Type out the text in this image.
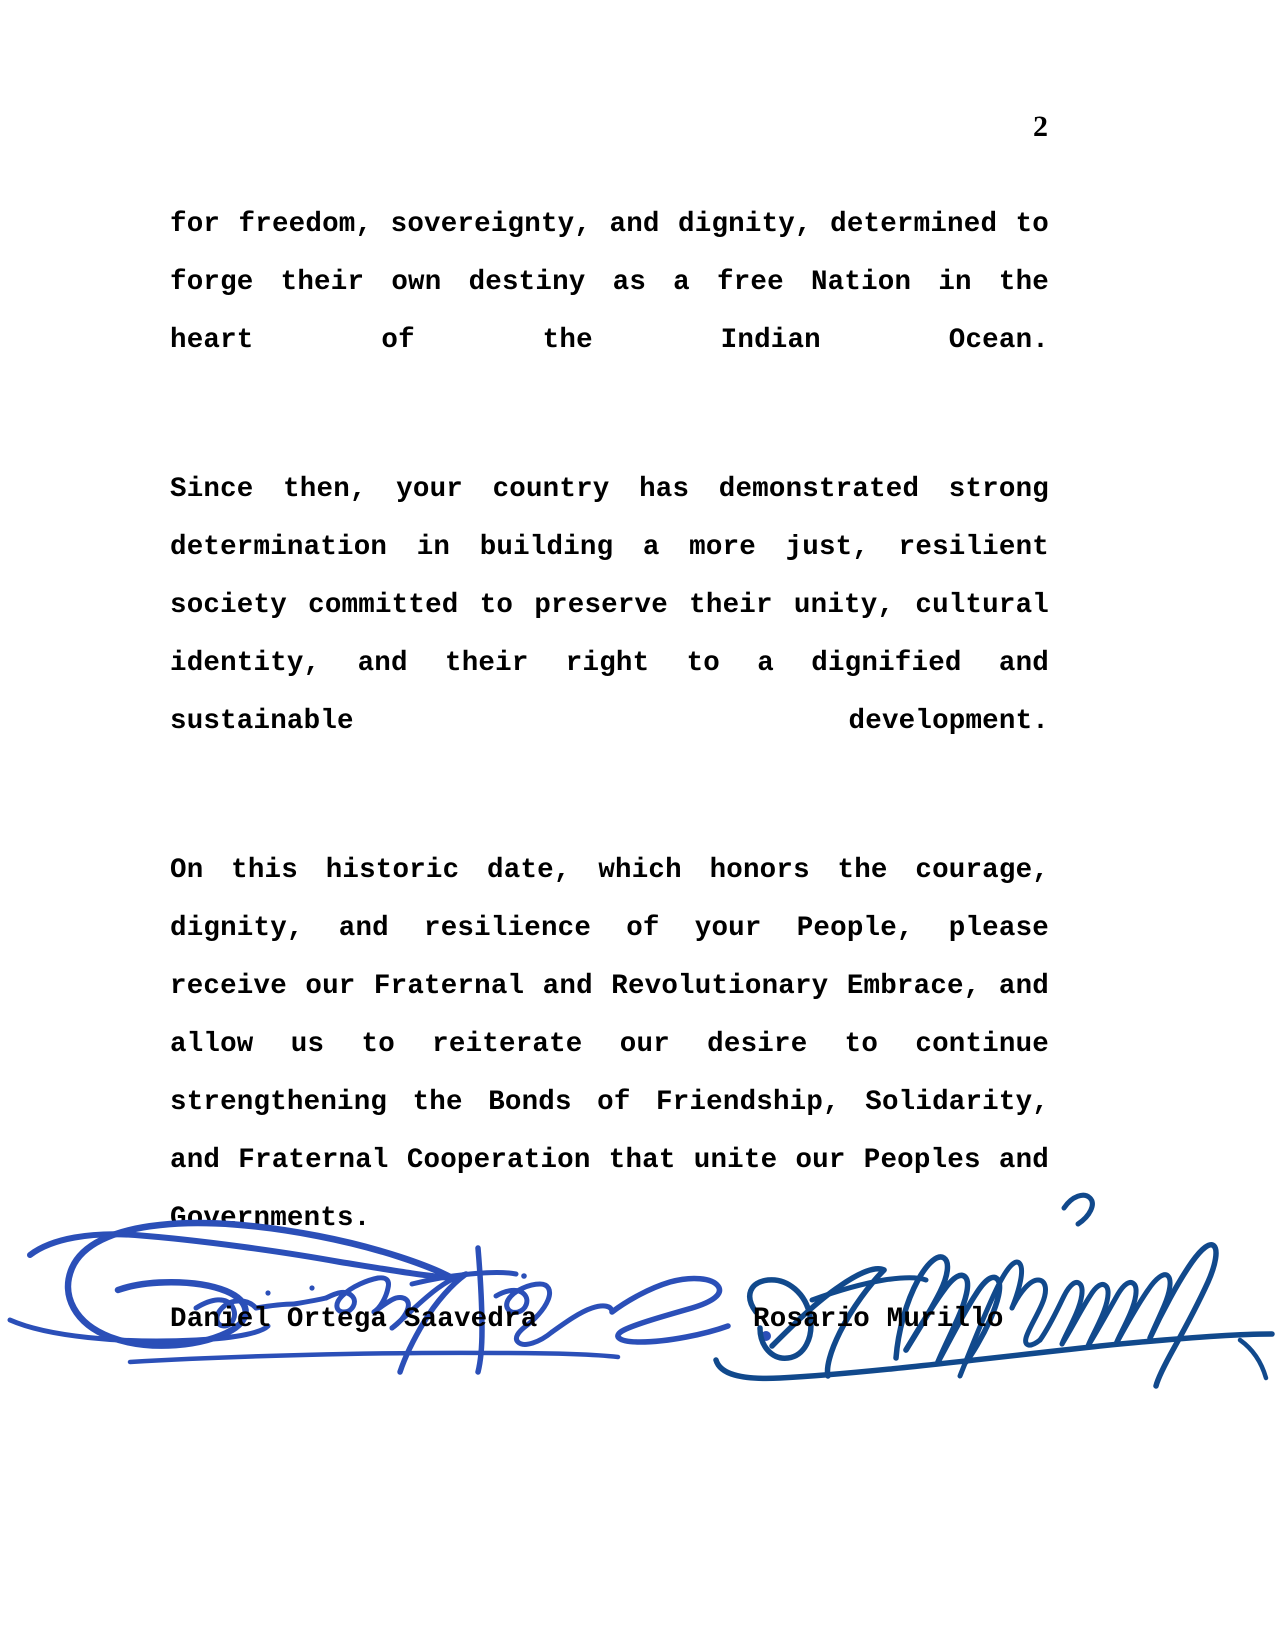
2

for freedom, sovereignty, and dignity, determined to forge their own destiny as a free Nation in the heart of the Indian Ocean.

Since then, your country has demonstrated strong determination in building a more just, resilient society committed to preserve their unity, cultural identity, and their right to a dignified and sustainable development.

On this historic date, which honors the courage, dignity, and resilience of your People, please receive our Fraternal and Revolutionary Embrace, and allow us to reiterate our desire to continue strengthening the Bonds of Friendship, Solidarity, and Fraternal Cooperation that unite our Peoples and Governments.

Daniel Ortega Saavedra	Rosario Murillo
